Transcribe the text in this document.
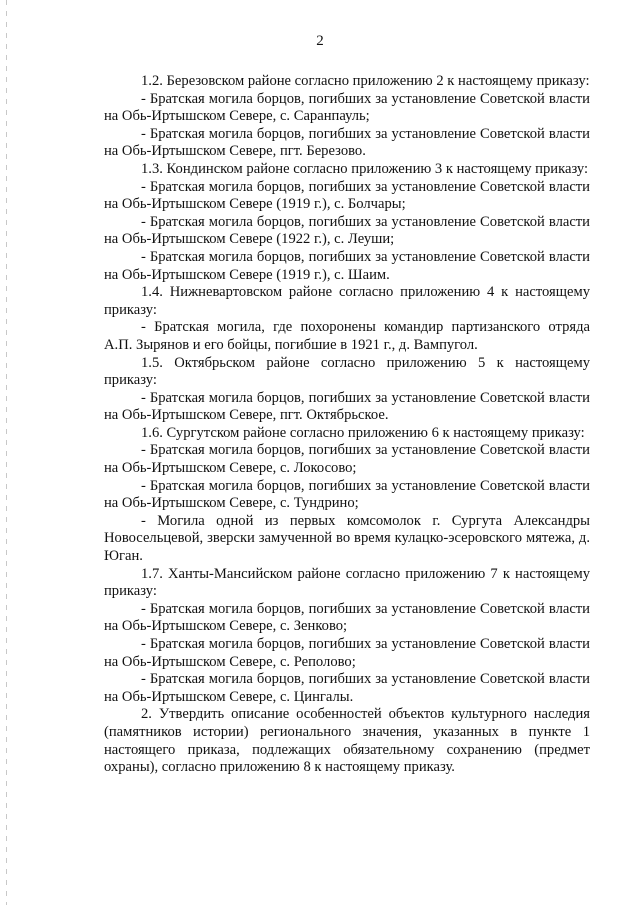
2

1.2. Березовском районе согласно приложению 2 к настоящему приказу:

- Братская могила борцов, погибших за установление Советской власти на Обь-Иртышском Севере, с. Саранпауль;

- Братская могила борцов, погибших за установление Советской власти на Обь-Иртышском Севере, пгт. Березово.

1.3. Кондинском районе согласно приложению 3 к настоящему приказу:

- Братская могила борцов, погибших за установление Советской власти на Обь-Иртышском Севере (1919 г.), с. Болчары;

- Братская могила борцов, погибших за установление Советской власти на Обь-Иртышском Севере (1922 г.), с. Леуши;

- Братская могила борцов, погибших за установление Советской власти на Обь-Иртышском Севере (1919 г.), с. Шаим.

1.4. Нижневартовском районе согласно приложению 4 к настоящему приказу:

- Братская могила, где похоронены командир партизанского отряда А.П. Зырянов и его бойцы, погибшие в 1921 г., д. Вампугол.

1.5. Октябрьском районе согласно приложению 5 к настоящему приказу:

- Братская могила борцов, погибших за установление Советской власти на Обь-Иртышском Севере, пгт. Октябрьское.

1.6. Сургутском районе согласно приложению 6 к настоящему приказу:

- Братская могила борцов, погибших за установление Советской власти на Обь-Иртышском Севере, с. Локосово;

- Братская могила борцов, погибших за установление Советской власти на Обь-Иртышском Севере, с. Тундрино;

- Могила одной из первых комсомолок г. Сургута Александры Новосельцевой, зверски замученной во время кулацко-эсеровского мятежа, д. Юган.

1.7. Ханты-Мансийском районе согласно приложению 7 к настоящему приказу:

- Братская могила борцов, погибших за установление Советской власти на Обь-Иртышском Севере, с. Зенково;

- Братская могила борцов, погибших за установление Советской власти на Обь-Иртышском Севере, с. Реполово;

- Братская могила борцов, погибших за установление Советской власти на Обь-Иртышском Севере, с. Цингалы.

2. Утвердить описание особенностей объектов культурного наследия (памятников истории) регионального значения, указанных в пункте 1 настоящего приказа, подлежащих обязательному сохранению (предмет охраны), согласно приложению 8 к настоящему приказу.
